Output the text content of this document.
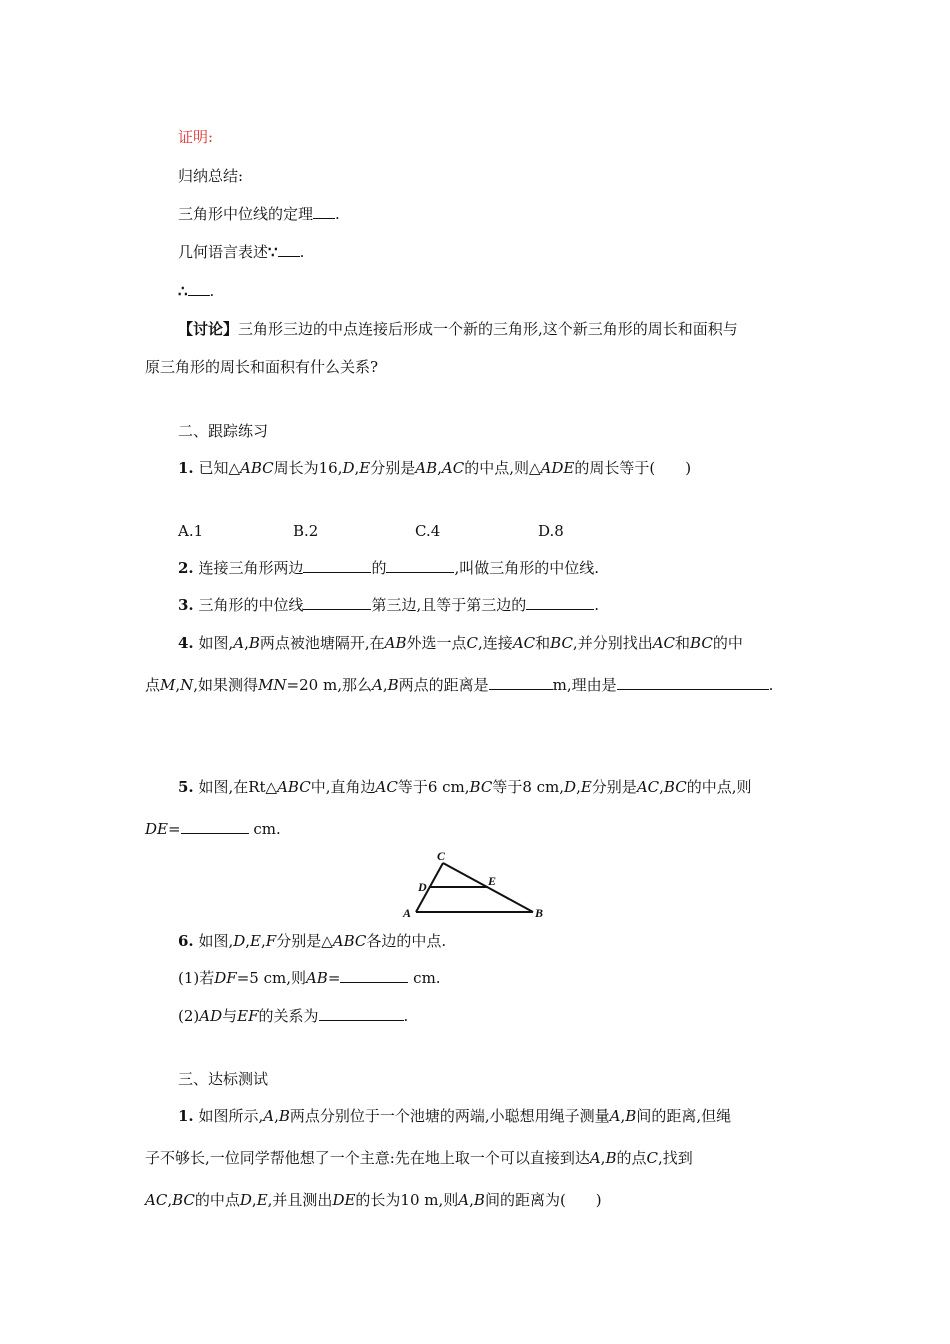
证明:
归纳总结:
三角形中位线的定理 .
几何语言表述∵ .
∴ .
【讨论】三角形三边的中点连接后形成一个新的三角形,这个新三角形的周长和面积与
原三角形的周长和面积有什么关系?
二、跟踪练习
1. 已知△ABC周长为16,D,E分别是AB,AC的中点,则△ADE的周长等于(　　)
A.1	B.2	C.4	D.8
2. 连接三角形两边	的	,叫做三角形的中位线.
3. 三角形的中位线	第三边,且等于第三边的	.
4. 如图,A,B两点被池塘隔开,在AB外选一点C,连接AC和BC,并分别找出AC和BC的中
点M,N,如果测得MN=20 m,那么A,B两点的距离是	m,理由是	.
5. 如图,在Rt△ABC中,直角边AC等于6 cm,BC等于8 cm,D,E分别是AC,BC的中点,则
DE=	cm.
C
D	E
A	B
6. 如图,D,E,F分别是△ABC各边的中点.
(1)若DF=5 cm,则AB=	cm.
(2)AD与EF的关系为	.
三、达标测试
1. 如图所示,A,B两点分别位于一个池塘的两端,小聪想用绳子测量A,B间的距离,但绳
子不够长,一位同学帮他想了一个主意:先在地上取一个可以直接到达A,B的点C,找到
AC,BC的中点D,E,并且测出DE的长为10 m,则A,B间的距离为(　　)
